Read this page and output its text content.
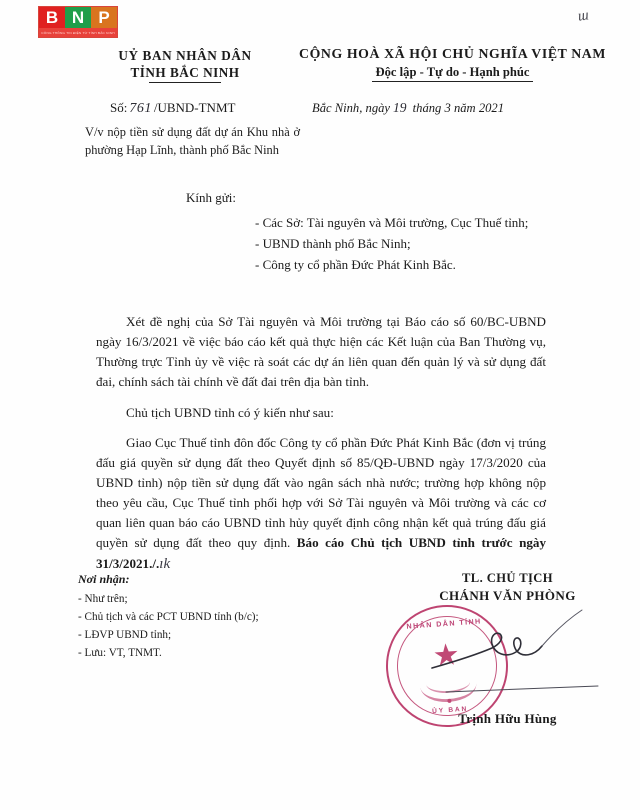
B N P
CỔNG THÔNG TIN ĐIỆN TỬ TỈNH BẮC NINH
ɯ
UỶ BAN NHÂN DÂN
TỈNH BẮC NINH
CỘNG HOÀ XÃ HỘI CHỦ NGHĨA VIỆT NAM
Độc lập - Tự do - Hạnh phúc
Số: 761 /UBND-TNMT	Bắc Ninh, ngày 19 tháng 3 năm 2021
V/v nộp tiền sử dụng đất dự án Khu nhà ở phường Hạp Lĩnh, thành phố Bắc Ninh
Kính gửi:
- Các Sở: Tài nguyên và Môi trường, Cục Thuế tỉnh;
- UBND thành phố Bắc Ninh;
- Công ty cổ phần Đức Phát Kinh Bắc.

Xét đề nghị của Sở Tài nguyên và Môi trường tại Báo cáo số 60/BC-UBND ngày 16/3/2021 về việc báo cáo kết quả thực hiện các Kết luận của Ban Thường vụ, Thường trực Tỉnh ủy về việc rà soát các dự án liên quan đến quản lý và sử dụng đất đai, chính sách tài chính về đất đai trên địa bàn tỉnh.

Chủ tịch UBND tỉnh có ý kiến như sau:

Giao Cục Thuế tỉnh đôn đốc Công ty cổ phần Đức Phát Kinh Bắc (đơn vị trúng đấu giá quyền sử dụng đất theo Quyết định số 85/QĐ-UBND ngày 17/3/2020 của UBND tỉnh) nộp tiền sử dụng đất vào ngân sách nhà nước; trường hợp không nộp theo yêu cầu, Cục Thuế tỉnh phối hợp với Sở Tài nguyên và Môi trường và các cơ quan liên quan báo cáo UBND tỉnh hủy quyết định công nhận kết quả trúng đấu giá quyền sử dụng đất theo quy định. Báo cáo Chủ tịch UBND tỉnh trước ngày 31/3/2021./.ık

Nơi nhận:
- Như trên;
- Chủ tịch và các PCT UBND tỉnh (b/c);
- LĐVP UBND tỉnh;
- Lưu: VT, TNMT.
TL. CHỦ TỊCH
CHÁNH VĂN PHÒNG
NHÂN DÂN TỈNH
★
ỦY BAN
Trịnh Hữu Hùng
